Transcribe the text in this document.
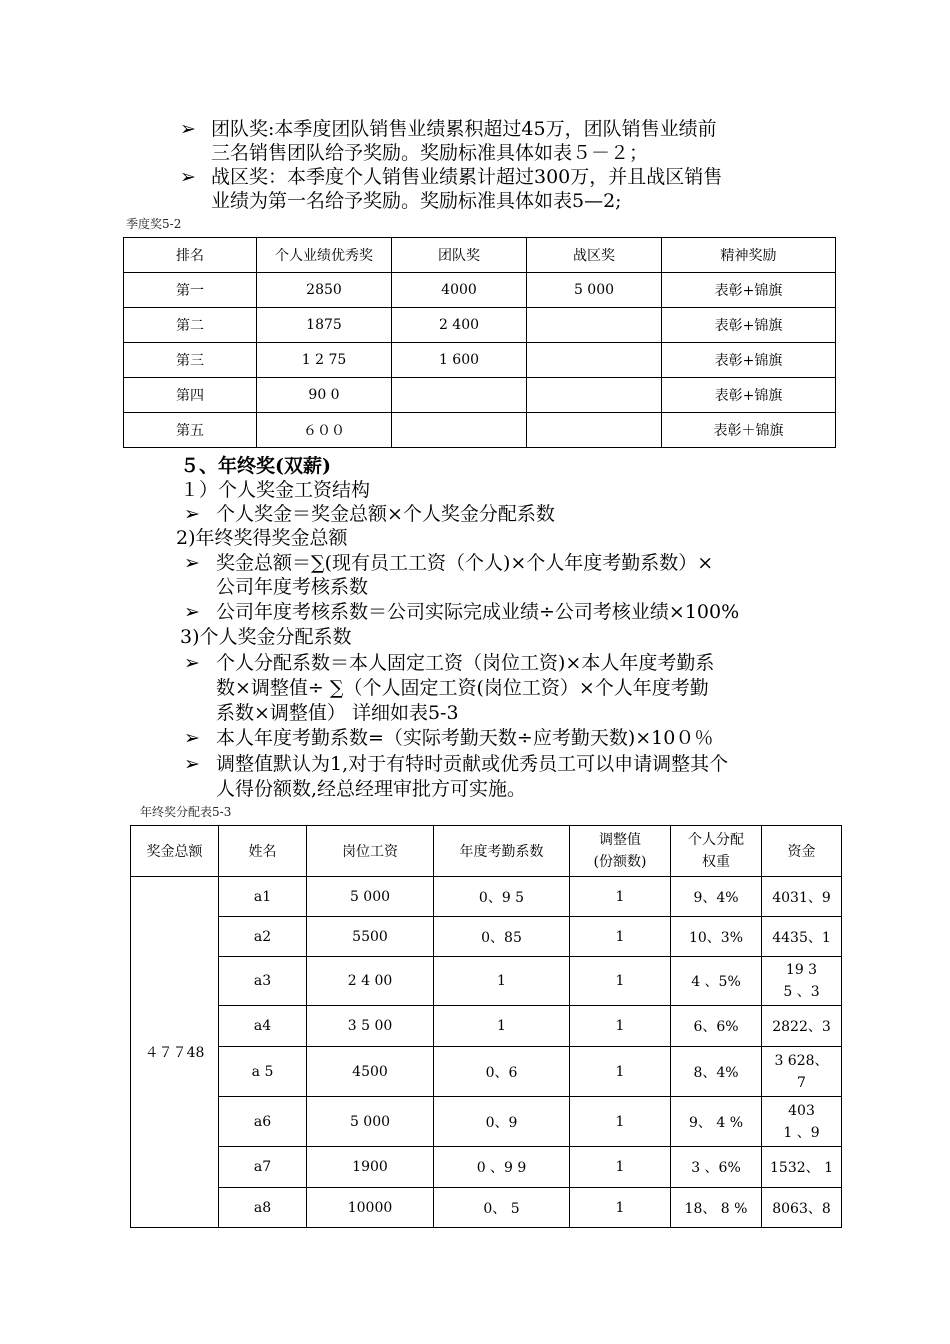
➢ 团队奖:本季度团队销售业绩累积超过45万，团队销售业绩前
三名销售团队给予奖励。奖励标准具体如表５－２；
➢ 战区奖：本季度个人销售业绩累计超过300万，并且战区销售
业绩为第一名给予奖励。奖励标准具体如表5—2;
季度奖5-2
排名	个人业绩优秀奖	团队奖	战区奖	精神奖励
第一	2850	4000	5 000	表彰+锦旗
第二	1875	2 400		表彰+锦旗
第三	1 2 75	1 600		表彰+锦旗
第四	90 0			表彰+锦旗
第五	６００			表彰＋锦旗
５、年终奖(双薪)
１）个人奖金工资结构
➢ 个人奖金＝奖金总额×个人奖金分配系数
2)年终奖得奖金总额
➢ 奖金总额＝∑(现有员工工资（个人)×个人年度考勤系数）×
公司年度考核系数
➢ 公司年度考核系数＝公司实际完成业绩÷公司考核业绩×100%
3)个人奖金分配系数
➢ 个人分配系数＝本人固定工资（岗位工资)×本人年度考勤系
数×调整值÷ ∑（个人固定工资(岗位工资）×个人年度考勤
系数×调整值） 详细如表5-3
➢ 本人年度考勤系数=（实际考勤天数÷应考勤天数)×10０％
➢ 调整值默认为1,对于有特时贡献或优秀员工可以申请调整其个
人得份额数,经总经理审批方可实施。
年终奖分配表5-3
奖金总额	姓名	岗位工资	年度考勤系数	调整值
(份额数)	个人分配
权重	资金
４７７48	a1	5 000	0、9 5	1	9、4%	4031、9
	a2	5500	0、85	1	10、3%	4435、1
	a3	2 4 00	1	1	4 、5%	19 3
5 、3
	a4	3 5 00	1	1	6、6%	2822、3
	a 5	4500	0、6	1	8、4%	3 628、
7
	a6	5 000	0、9	1	9、 4 %	403
1 、9
	a7	1900	0 、9 9	1	3 、6%	1532、 1
	a8	10000	0、 5	1	18、 8 %	8063、8
